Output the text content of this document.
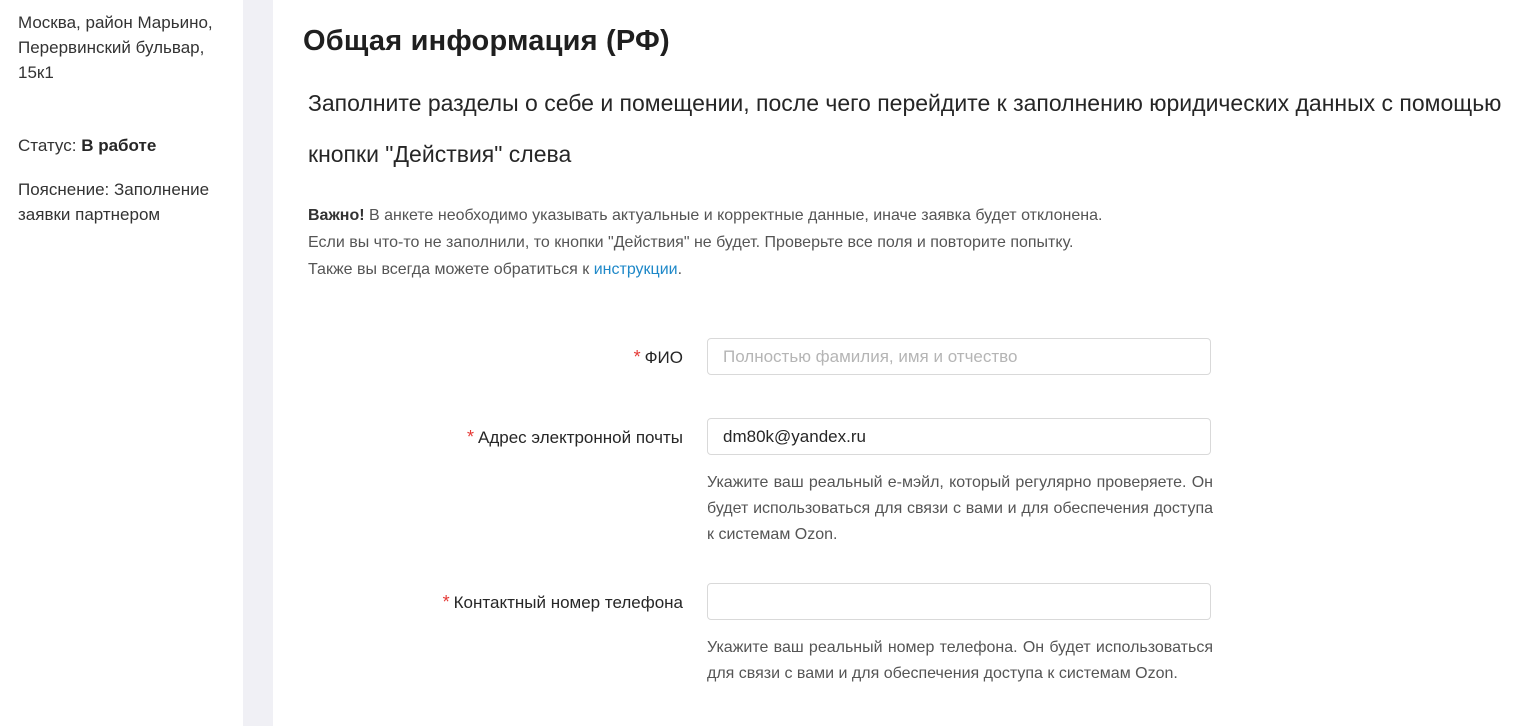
Москва, район Марьино, Перервинский бульвар, 15к1
Статус: В работе
Пояснение: Заполнение заявки партнером
Общая информация (РФ)
Заполните разделы о себе и помещении, после чего перейдите к заполнению юридических данных с помощью кнопки "Действия" слева
Важно! В анкете необходимо указывать актуальные и корректные данные, иначе заявка будет отклонена.
Если вы что-то не заполнили, то кнопки "Действия" не будет. Проверьте все поля и повторите попытку.
Также вы всегда можете обратиться к инструкции.
* ФИО
Полностью фамилия, имя и отчество
* Адрес электронной почты
dm80k@yandex.ru
Укажите ваш реальный е-мэйл, который регулярно проверяете. Он будет использоваться для связи с вами и для обеспечения доступа к системам Ozon.
* Контактный номер телефона
Укажите ваш реальный номер телефона. Он будет использоваться для связи с вами и для обеспечения доступа к системам Ozon.
